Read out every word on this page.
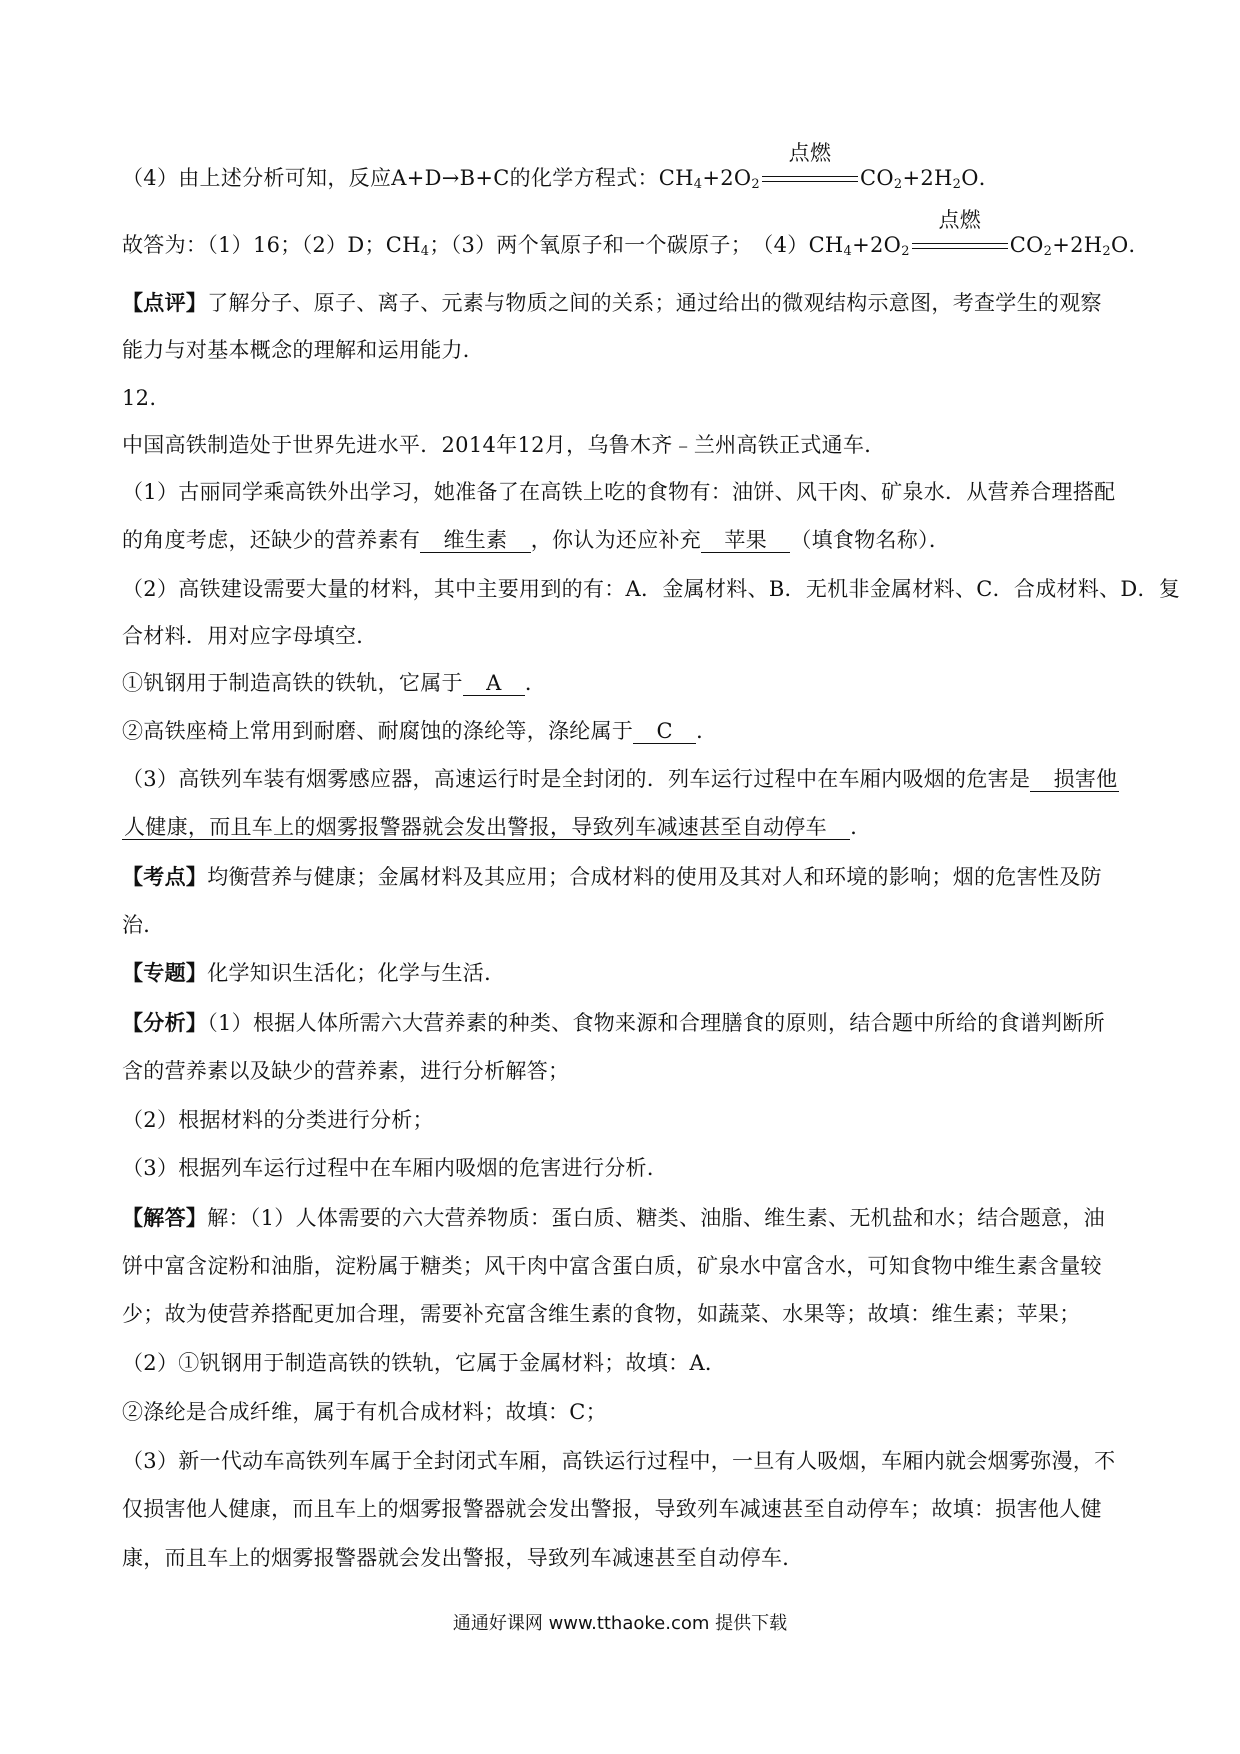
（4）由上述分析可知，反应A+D→B+C的化学方程式：$CH_4+2O_2$
点燃
$CO_2+2H_2O$．
故答为：（1）16；（2）D；$CH_4$；（3）两个氧原子和一个碳原子；　$(4)CH_4+2O_2$
点燃
$CO_2+2H_2O$．
【点评】了解分子、原子、离子、元素与物质之间的关系；通过给出的微观结构示意图，考查学生的观察
能力与对基本概念的理解和运用能力．
12.
中国高铁制造处于世界先进水平．2014年12月，乌鲁木齐﹣兰州高铁正式通车．
（1）古丽同学乘高铁外出学习，她准备了在高铁上吃的食物有：油饼、风干肉、矿泉水．从营养合理搭配
的角度考虑，还缺少的营养素有　维生素　，你认为还应补充　苹果　（填食物名称）．
（2）高铁建设需要大量的材料，其中主要用到的有：A．金属材料、B．无机非金属材料、C．合成材料、D．复
合材料．用对应字母填空．
①钒钢用于制造高铁的铁轨，它属于　A　．
②高铁座椅上常用到耐磨、耐腐蚀的涤纶等，涤纶属于　C　．
（3）高铁列车装有烟雾感应器，高速运行时是全封闭的．列车运行过程中在车厢内吸烟的危害是　损害他
人健康，而且车上的烟雾报警器就会发出警报，导致列车减速甚至自动停车　．
【考点】均衡营养与健康；金属材料及其应用；合成材料的使用及其对人和环境的影响；烟的危害性及防
治．
【专题】化学知识生活化；化学与生活．
【分析】（1）根据人体所需六大营养素的种类、食物来源和合理膳食的原则，结合题中所给的食谱判断所
含的营养素以及缺少的营养素，进行分析解答；
（2）根据材料的分类进行分析；
（3）根据列车运行过程中在车厢内吸烟的危害进行分析．
【解答】解：（1）人体需要的六大营养物质：蛋白质、糖类、油脂、维生素、无机盐和水；结合题意，油
饼中富含淀粉和油脂，淀粉属于糖类；风干肉中富含蛋白质，矿泉水中富含水，可知食物中维生素含量较
少；故为使营养搭配更加合理，需要补充富含维生素的食物，如蔬菜、水果等；故填：维生素；苹果；
（2）①钒钢用于制造高铁的铁轨，它属于金属材料；故填：A．
②涤纶是合成纤维，属于有机合成材料；故填：C；
（3）新一代动车高铁列车属于全封闭式车厢，高铁运行过程中，一旦有人吸烟，车厢内就会烟雾弥漫，不
仅损害他人健康，而且车上的烟雾报警器就会发出警报，导致列车减速甚至自动停车；故填：损害他人健
康，而且车上的烟雾报警器就会发出警报，导致列车减速甚至自动停车．
通通好课网 www.tthaoke.com 提供下载
